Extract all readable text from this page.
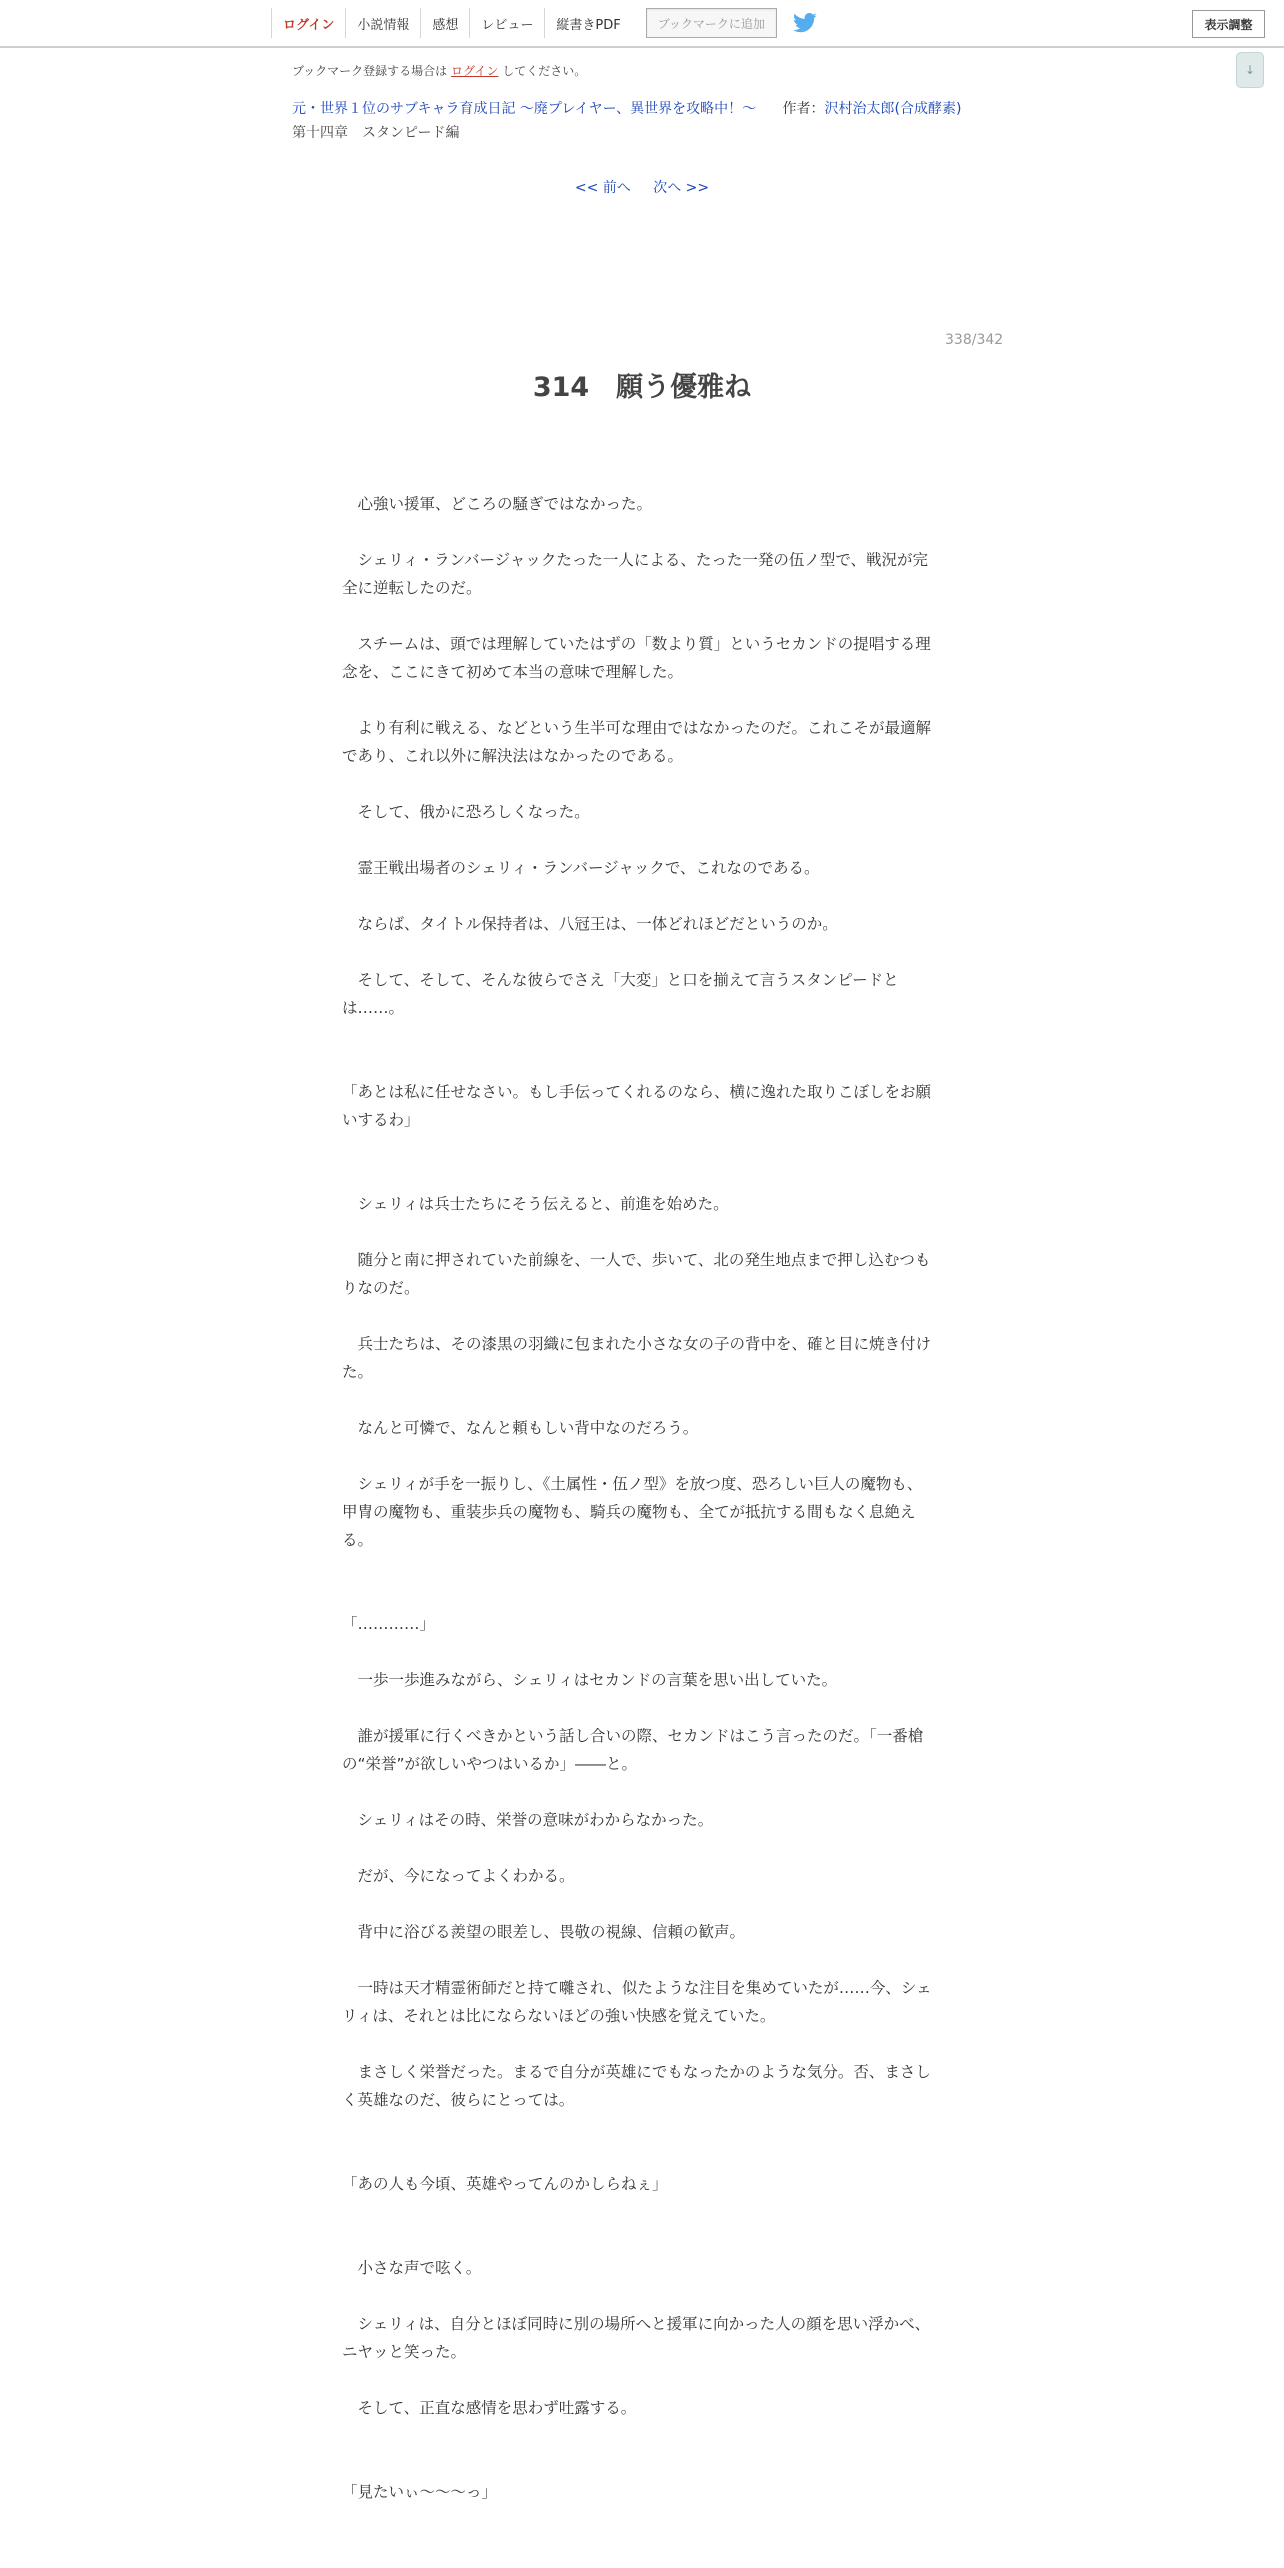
ログイン	小説情報	感想	レビュー	縦書きPDF	ブックマークに追加	表示調整
↓
ブックマーク登録する場合は ログイン してください。
元・世界１位のサブキャラ育成日記 ～廃プレイヤー、異世界を攻略中！～ 作者：沢村治太郎(合成酵素)
第十四章　スタンピード編
<< 前へ 次へ >>
338/342
314　願う優雅ね

　心強い援軍、どころの騒ぎではなかった。

　シェリィ・ランバージャックたった一人による、たった一発の伍ノ型で、戦況が完全に逆転したのだ。

　スチームは、頭では理解していたはずの「数より質」というセカンドの提唱する理念を、ここにきて初めて本当の意味で理解した。

　より有利に戦える、などという生半可な理由ではなかったのだ。これこそが最適解であり、これ以外に解決法はなかったのである。

　そして、俄かに恐ろしくなった。

　霊王戦出場者のシェリィ・ランバージャックで、これなのである。

　ならば、タイトル保持者は、八冠王は、一体どれほどだというのか。

　そして、そして、そんな彼らでさえ「大変」と口を揃えて言うスタンピードとは……。

「あとは私に任せなさい。もし手伝ってくれるのなら、横に逸れた取りこぼしをお願いするわ」

　シェリィは兵士たちにそう伝えると、前進を始めた。

　随分と南に押されていた前線を、一人で、歩いて、北の発生地点まで押し込むつもりなのだ。

　兵士たちは、その漆黒の羽織に包まれた小さな女の子の背中を、確と目に焼き付けた。

　なんと可憐で、なんと頼もしい背中なのだろう。

　シェリィが手を一振りし、《土属性・伍ノ型》を放つ度、恐ろしい巨人の魔物も、甲冑の魔物も、重装歩兵の魔物も、騎兵の魔物も、全てが抵抗する間もなく息絶える。

「…………」

　一歩一歩進みながら、シェリィはセカンドの言葉を思い出していた。

　誰が援軍に行くべきかという話し合いの際、セカンドはこう言ったのだ。「一番槍の“栄誉”が欲しいやつはいるか」――と。

　シェリィはその時、栄誉の意味がわからなかった。

　だが、今になってよくわかる。

　背中に浴びる羨望の眼差し、畏敬の視線、信頼の歓声。

　一時は天才精霊術師だと持て囃され、似たような注目を集めていたが……今、シェリィは、それとは比にならないほどの強い快感を覚えていた。

　まさしく栄誉だった。まるで自分が英雄にでもなったかのような気分。否、まさしく英雄なのだ、彼らにとっては。

「あの人も今頃、英雄やってんのかしらねぇ」

　小さな声で呟く。

　シェリィは、自分とほぼ同時に別の場所へと援軍に向かった人の顔を思い浮かべ、ニヤッと笑った。

　そして、正直な感情を思わず吐露する。

「見たいぃ～～～っ」
